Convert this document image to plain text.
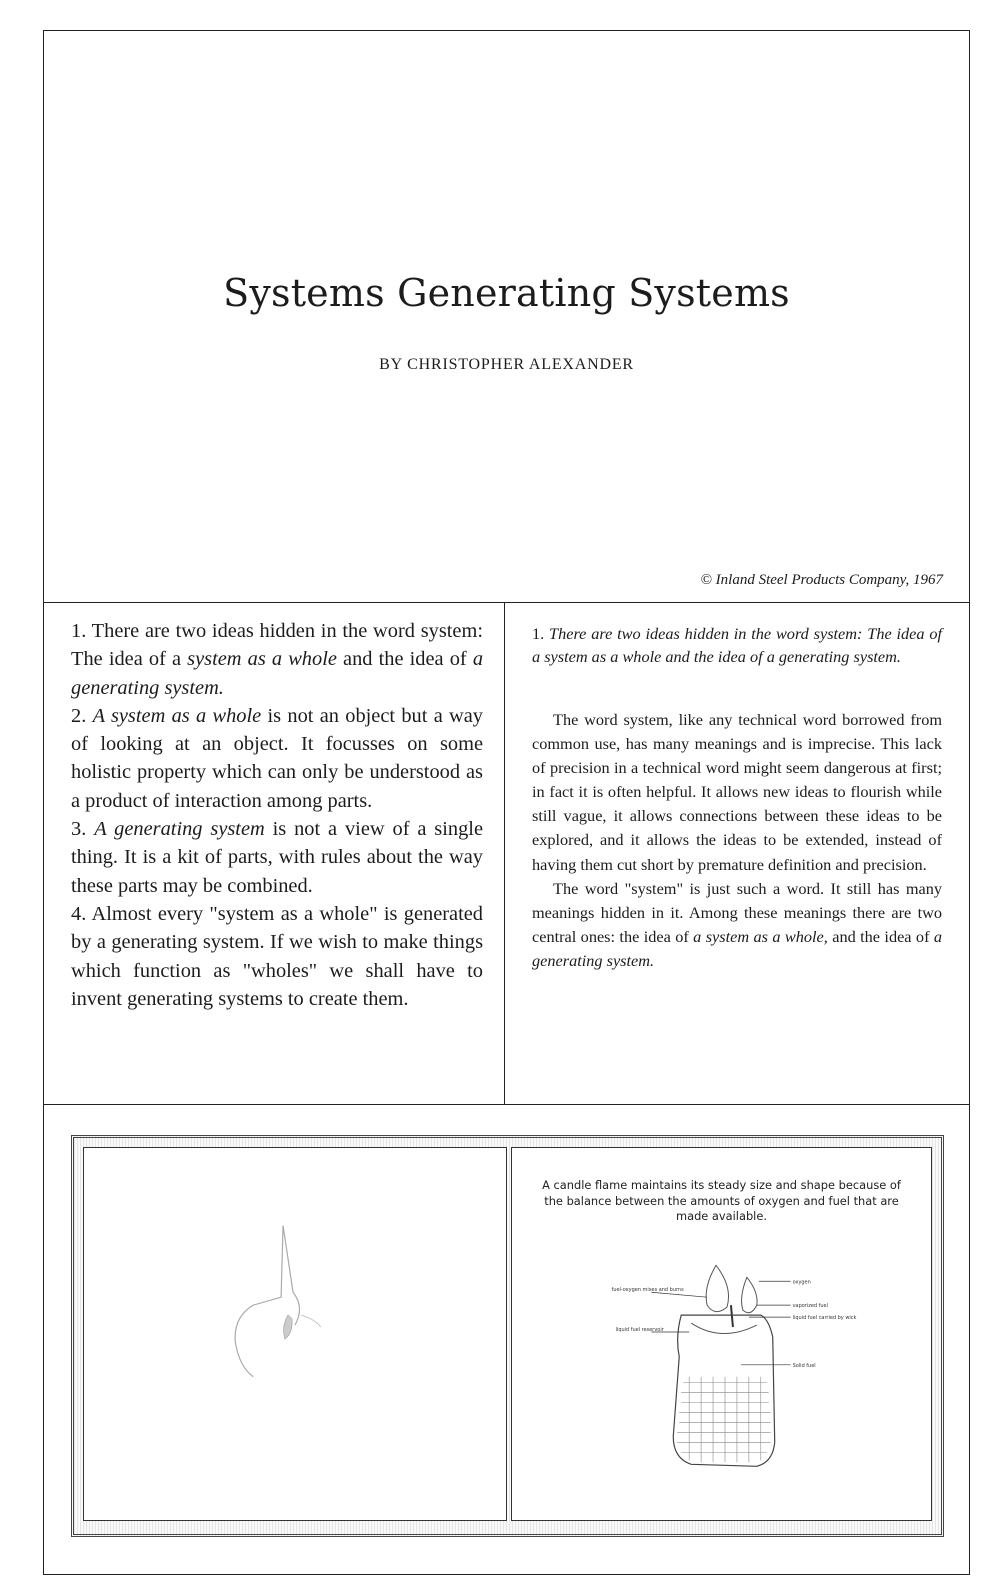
Systems Generating Systems
BY CHRISTOPHER ALEXANDER
© Inland Steel Products Company, 1967

1. There are two ideas hidden in the word system: The idea of a system as a whole and the idea of a generating system.

2. A system as a whole is not an object but a way of looking at an object. It focusses on some holistic property which can only be understood as a product of interaction among parts.

3. A generating system is not a view of a single thing. It is a kit of parts, with rules about the way these parts may be combined.

4. Almost every "system as a whole" is generated by a generating system. If we wish to make things which function as "wholes" we shall have to invent generating systems to create them.

1. There are two ideas hidden in the word system: The idea of a system as a whole and the idea of a generating system.

The word system, like any technical word borrowed from common use, has many meanings and is imprecise. This lack of precision in a technical word might seem dangerous at first; in fact it is often helpful. It allows new ideas to flourish while still vague, it allows connections between these ideas to be explored, and it allows the ideas to be extended, instead of having them cut short by premature definition and precision.

The word "system" is just such a word. It still has many meanings hidden in it. Among these meanings there are two central ones: the idea of a system as a whole, and the idea of a generating system.

A candle flame maintains its steady size and shape because of the balance between the amounts of oxygen and fuel that are made available.
oxygen
fuel-oxygen mixes and burns
vaporized fuel
liquid fuel carried by wick
liquid fuel reservoir
Solid fuel
